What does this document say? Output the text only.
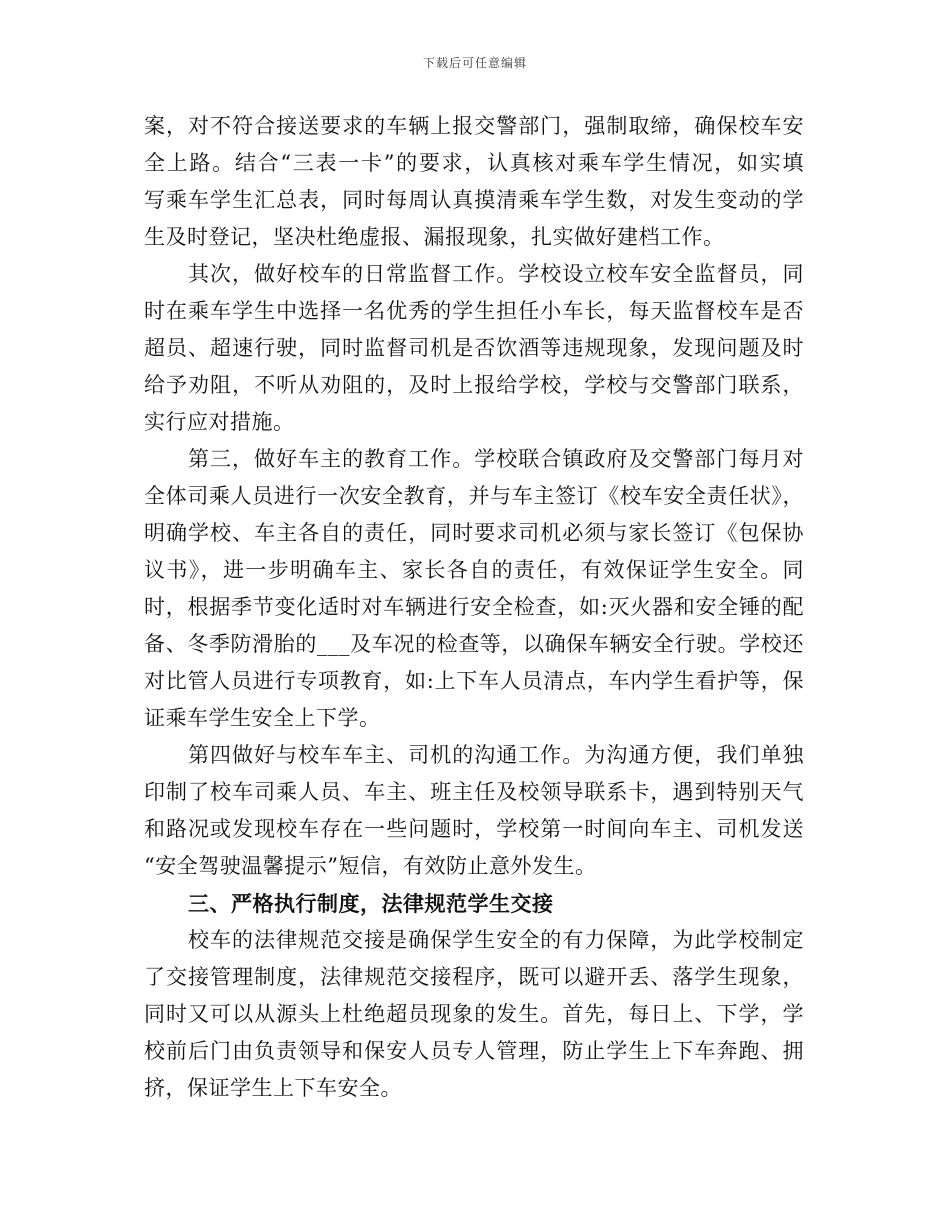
下载后可任意编辑
案，对不符合接送要求的车辆上报交警部门，强制取缔，确保校车安
全上路。结合“三表一卡”的要求，认真核对乘车学生情况，如实填
写乘车学生汇总表，同时每周认真摸清乘车学生数，对发生变动的学
生及时登记，坚决杜绝虚报、漏报现象，扎实做好建档工作。
其次，做好校车的日常监督工作。学校设立校车安全监督员，同
时在乘车学生中选择一名优秀的学生担任小车长，每天监督校车是否
超员、超速行驶，同时监督司机是否饮酒等违规现象，发现问题及时
给予劝阻，不听从劝阻的，及时上报给学校，学校与交警部门联系，
实行应对措施。
第三，做好车主的教育工作。学校联合镇政府及交警部门每月对
全体司乘人员进行一次安全教育，并与车主签订《校车安全责任状》，
明确学校、车主各自的责任，同时要求司机必须与家长签订《包保协
议书》，进一步明确车主、家长各自的责任，有效保证学生安全。同
时，根据季节变化适时对车辆进行安全检查，如:灭火器和安全锤的配
备、冬季防滑胎的___及车况的检查等，以确保车辆安全行驶。学校还
对比管人员进行专项教育，如:上下车人员清点，车内学生看护等，保
证乘车学生安全上下学。
第四做好与校车车主、司机的沟通工作。为沟通方便，我们单独
印制了校车司乘人员、车主、班主任及校领导联系卡，遇到特别天气
和路况或发现校车存在一些问题时，学校第一时间向车主、司机发送
“安全驾驶温馨提示”短信，有效防止意外发生。
三、严格执行制度，法律规范学生交接
校车的法律规范交接是确保学生安全的有力保障，为此学校制定
了交接管理制度，法律规范交接程序，既可以避开丢、落学生现象，
同时又可以从源头上杜绝超员现象的发生。首先，每日上、下学，学
校前后门由负责领导和保安人员专人管理，防止学生上下车奔跑、拥
挤，保证学生上下车安全。
